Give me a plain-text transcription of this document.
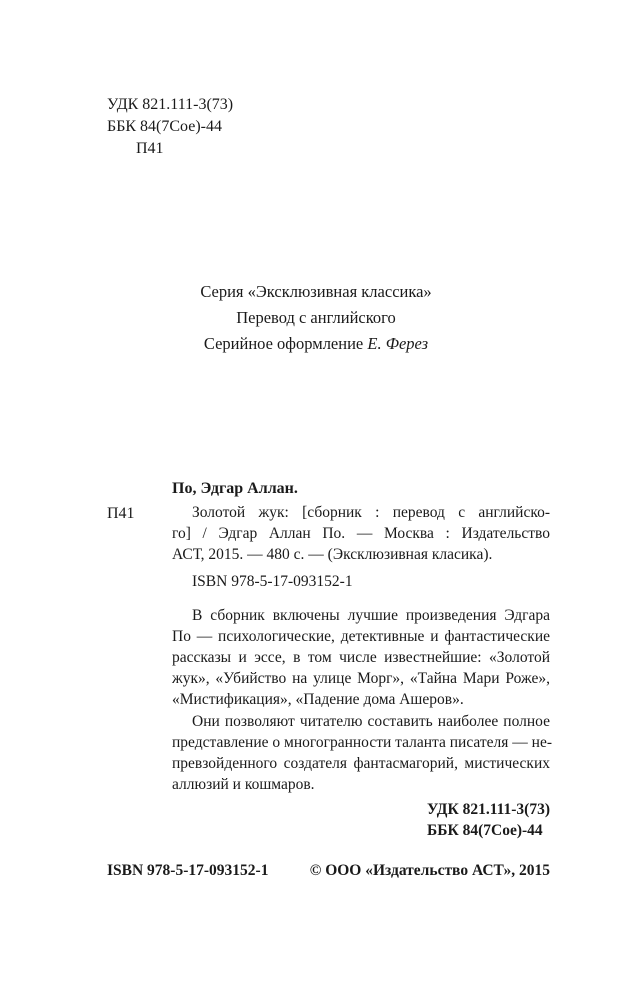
УДК 821.111-3(73)
ББК 84(7Сое)-44
П41
Серия «Эксклюзивная классика»
Перевод с английского
Серийное оформление Е. Ферез
П41
По, Эдгар Аллан.
Золотой жук: [сборник : перевод с английско-
го] / Эдгар Аллан По. — Москва : Издательство
АСТ, 2015. — 480 с. — (Эксклюзивная класика).
ISBN 978-5-17-093152-1
В сборник включены лучшие произведения Эдгара
По — психологические, детективные и фантастические
рассказы и эссе, в том числе известнейшие: «Золотой
жук», «Убийство на улице Морг», «Тайна Мари Роже»,
«Мистификация», «Падение дома Ашеров».
Они позволяют читателю составить наиболее полное
представление о многогранности таланта писателя — не-
превзойденного создателя фантасмагорий, мистических
аллюзий и кошмаров.
УДК 821.111-3(73)
ББК 84(7Сое)-44
ISBN 978-5-17-093152-1	© ООО «Издательство АСТ», 2015
